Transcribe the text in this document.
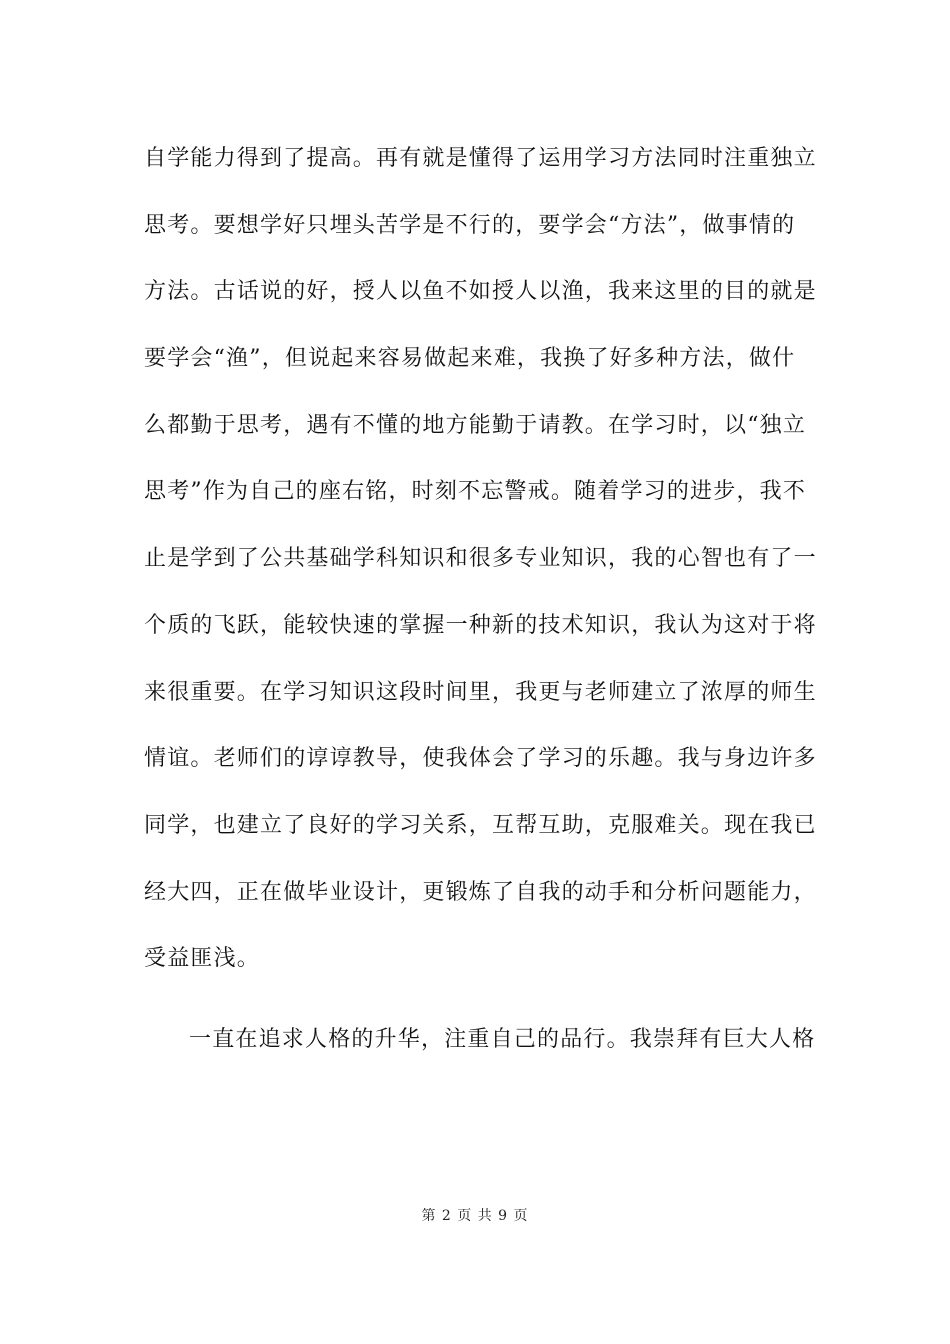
自学能力得到了提高。再有就是懂得了运用学习方法同时注重独立
思考。要想学好只埋头苦学是不行的，要学会“方法”，做事情的
方法。古话说的好，授人以鱼不如授人以渔，我来这里的目的就是
要学会“渔”，但说起来容易做起来难，我换了好多种方法，做什
么都勤于思考，遇有不懂的地方能勤于请教。在学习时，以“独立
思考”作为自己的座右铭，时刻不忘警戒。随着学习的进步，我不
止是学到了公共基础学科知识和很多专业知识，我的心智也有了一
个质的飞跃，能较快速的掌握一种新的技术知识，我认为这对于将
来很重要。在学习知识这段时间里，我更与老师建立了浓厚的师生
情谊。老师们的谆谆教导，使我体会了学习的乐趣。我与身边许多
同学，也建立了良好的学习关系，互帮互助，克服难关。现在我已
经大四，正在做毕业设计，更锻炼了自我的动手和分析问题能力，
受益匪浅。
一直在追求人格的升华，注重自己的品行。我崇拜有巨大人格
第 2 页 共 9 页
